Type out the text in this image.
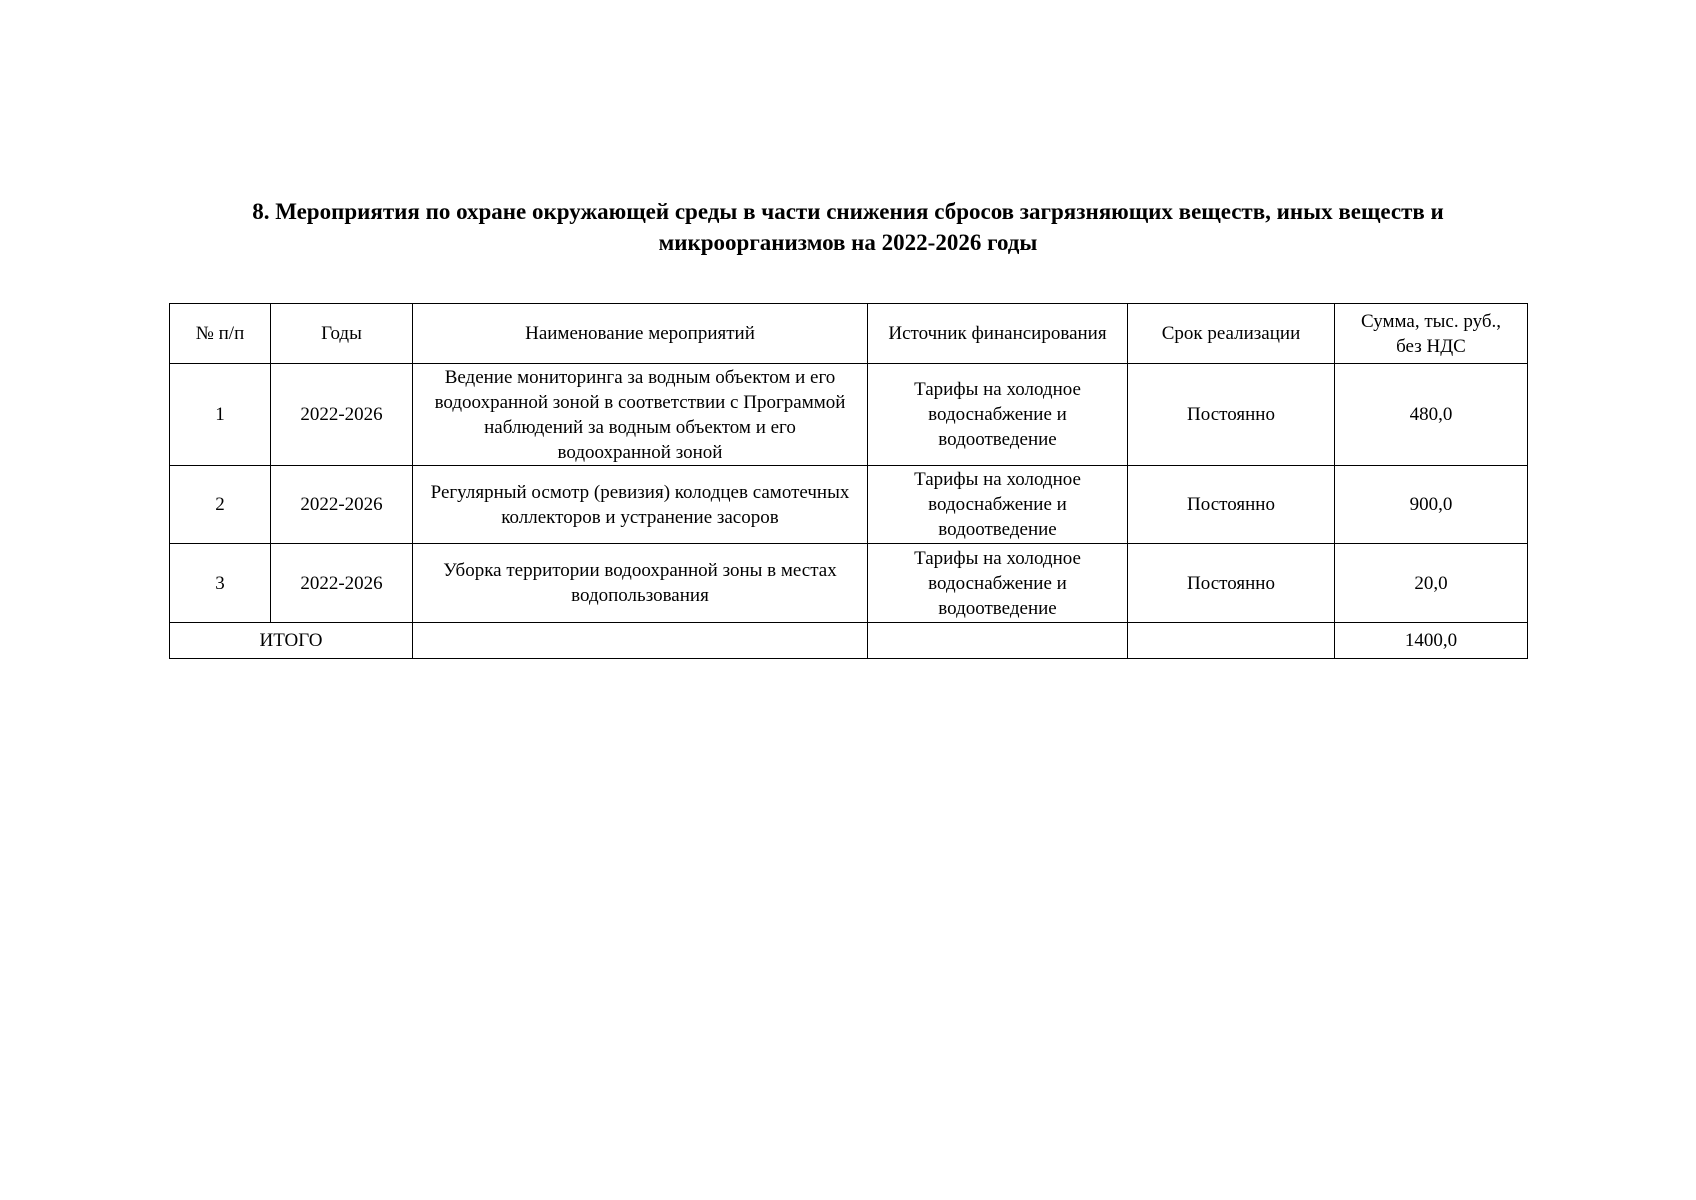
8. Мероприятия по охране окружающей среды в части снижения сбросов загрязняющих веществ, иных веществ и
микроорганизмов на 2022-2026 годы
№ п/п	Годы	Наименование мероприятий	Источник финансирования	Срок реализации	Сумма, тыс. руб.,
без НДС

1	2022-2026	Ведение мониторинга за водным объектом и его
водоохранной зоной в соответствии с Программой
наблюдений за водным объектом и его
водоохранной зоной	Тарифы на холодное
водоснабжение и
водоотведение	Постоянно	480,0
2	2022-2026	Регулярный осмотр (ревизия) колодцев самотечных
коллекторов и устранение засоров	Тарифы на холодное
водоснабжение и
водоотведение	Постоянно	900,0
3	2022-2026	Уборка территории водоохранной зоны в местах
водопользования	Тарифы на холодное
водоснабжение и
водоотведение	Постоянно	20,0
ИТОГО					1400,0
